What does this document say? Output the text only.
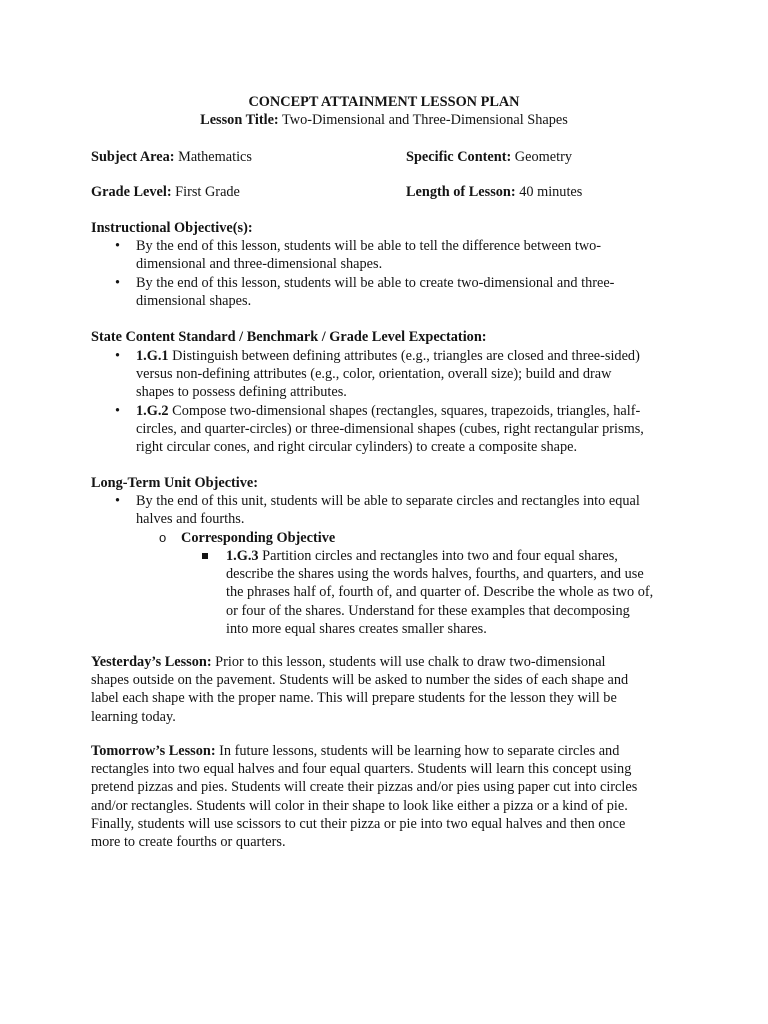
CONCEPT ATTAINMENT LESSON PLAN
Lesson Title: Two-Dimensional and Three-Dimensional Shapes
Subject Area: Mathematics	Specific Content: Geometry
Grade Level: First Grade	Length of Lesson: 40 minutes
Instructional Objective(s):
• By the end of this lesson, students will be able to tell the difference between two-
dimensional and three-dimensional shapes.
• By the end of this lesson, students will be able to create two-dimensional and three-
dimensional shapes.
State Content Standard / Benchmark / Grade Level Expectation:
• 1.G.1 Distinguish between defining attributes (e.g., triangles are closed and three-sided)
versus non-defining attributes (e.g., color, orientation, overall size); build and draw
shapes to possess defining attributes.
• 1.G.2 Compose two-dimensional shapes (rectangles, squares, trapezoids, triangles, half-
circles, and quarter-circles) or three-dimensional shapes (cubes, right rectangular prisms,
right circular cones, and right circular cylinders) to create a composite shape.
Long-Term Unit Objective:
• By the end of this unit, students will be able to separate circles and rectangles into equal
halves and fourths.
o Corresponding Objective
1.G.3 Partition circles and rectangles into two and four equal shares,
describe the shares using the words halves, fourths, and quarters, and use
the phrases half of, fourth of, and quarter of. Describe the whole as two of,
or four of the shares. Understand for these examples that decomposing
into more equal shares creates smaller shares.
Yesterday’s Lesson: Prior to this lesson, students will use chalk to draw two-dimensional
shapes outside on the pavement. Students will be asked to number the sides of each shape and
label each shape with the proper name. This will prepare students for the lesson they will be
learning today.
Tomorrow’s Lesson: In future lessons, students will be learning how to separate circles and
rectangles into two equal halves and four equal quarters. Students will learn this concept using
pretend pizzas and pies. Students will create their pizzas and/or pies using paper cut into circles
and/or rectangles. Students will color in their shape to look like either a pizza or a kind of pie.
Finally, students will use scissors to cut their pizza or pie into two equal halves and then once
more to create fourths or quarters.
